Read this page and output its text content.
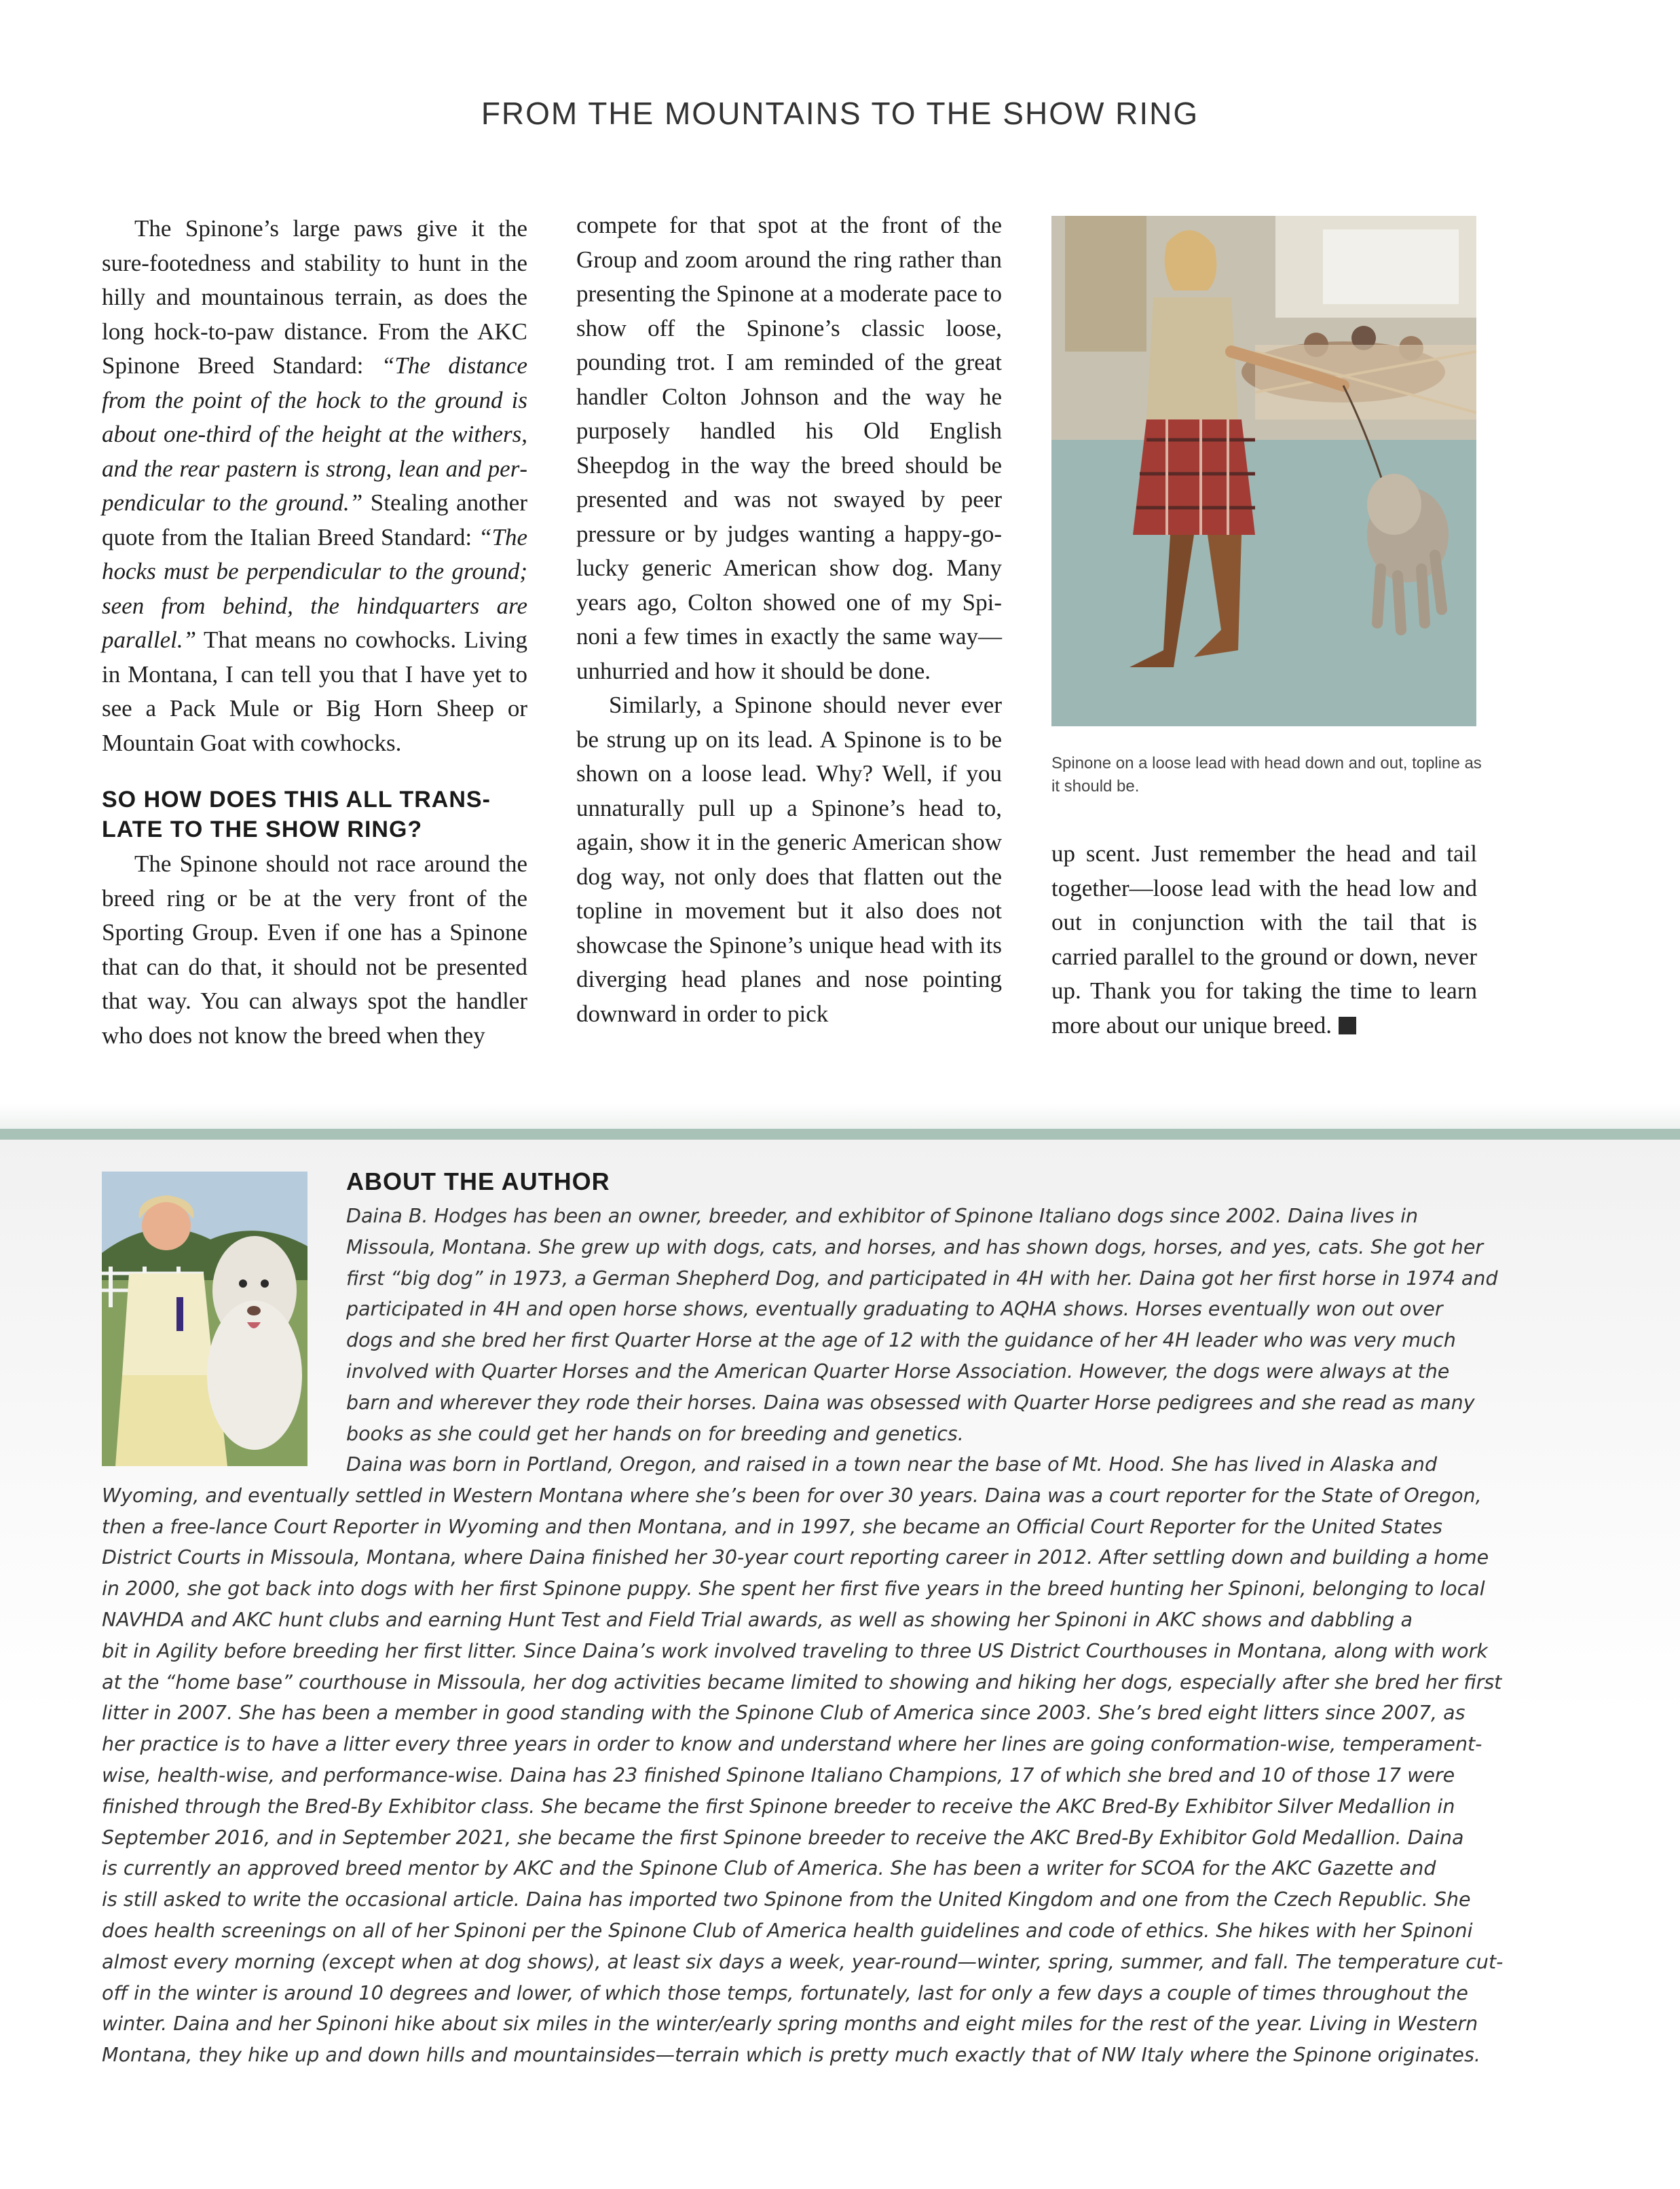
FROM THE MOUNTAINS TO THE SHOW RING

The Spinone’s large paws give it the sure-footedness and stability to hunt in the hilly and mountainous terrain, as does the long hock-to-paw distance. From the AKC Spinone Breed Standard: “The distance from the point of the hock to the ground is about one-third of the height at the withers, and the rear pastern is strong, lean and perpendicular to the ground.” Stealing another quote from the Italian Breed Standard: “The hocks must be perpendicular to the ground; seen from behind, the hindquarters are parallel.” That means no cowhocks. Living in Montana, I can tell you that I have yet to see a Pack Mule or Big Horn Sheep or Mountain Goat with cowhocks.

SO HOW DOES THIS ALL TRANSLATE TO THE SHOW RING?

The Spinone should not race around the breed ring or be at the very front of the Sporting Group. Even if one has a Spinone that can do that, it should not be presented that way. You can always spot the handler who does not know the breed when they

compete for that spot at the front of the Group and zoom around the ring rather than presenting the Spinone at a moderate pace to show off the Spinone’s classic loose, pounding trot. I am reminded of the great handler Colton Johnson and the way he purposely handled his Old English Sheepdog in the way the breed should be presented and was not swayed by peer pressure or by judges wanting a happy-go-lucky generic American show dog. Many years ago, Colton showed one of my Spinoni a few times in exactly the same way—unhurried and how it should be done.

Similarly, a Spinone should never ever be strung up on its lead. A Spinone is to be shown on a loose lead. Why? Well, if you unnaturally pull up a Spinone’s head to, again, show it in the generic American show dog way, not only does that flatten out the topline in movement but it also does not showcase the Spinone’s unique head with its diverging head planes and nose pointing downward in order to pick

Spinone on a loose lead with head down and out, topline as it should be.

up scent. Just remember the head and tail together—loose lead with the head low and out in conjunction with the tail that is carried parallel to the ground or down, never up. Thank you for taking the time to learn more about our unique breed.

ABOUT THE AUTHOR
Daina B. Hodges has been an owner, breeder, and exhibitor of Spinone Italiano dogs since 2002. Daina lives in
Missoula, Montana. She grew up with dogs, cats, and horses, and has shown dogs, horses, and yes, cats. She got her
first “big dog” in 1973, a German Shepherd Dog, and participated in 4H with her. Daina got her first horse in 1974 and
participated in 4H and open horse shows, eventually graduating to AQHA shows. Horses eventually won out over
dogs and she bred her first Quarter Horse at the age of 12 with the guidance of her 4H leader who was very much
involved with Quarter Horses and the American Quarter Horse Association. However, the dogs were always at the
barn and wherever they rode their horses. Daina was obsessed with Quarter Horse pedigrees and she read as many
books as she could get her hands on for breeding and genetics.
Daina was born in Portland, Oregon, and raised in a town near the base of Mt. Hood. She has lived in Alaska and
Wyoming, and eventually settled in Western Montana where she’s been for over 30 years. Daina was a court reporter for the State of Oregon,
then a free-lance Court Reporter in Wyoming and then Montana, and in 1997, she became an Official Court Reporter for the United States
District Courts in Missoula, Montana, where Daina finished her 30-year court reporting career in 2012. After settling down and building a home
in 2000, she got back into dogs with her first Spinone puppy. She spent her first five years in the breed hunting her Spinoni, belonging to local
NAVHDA and AKC hunt clubs and earning Hunt Test and Field Trial awards, as well as showing her Spinoni in AKC shows and dabbling a
bit in Agility before breeding her first litter. Since Daina’s work involved traveling to three US District Courthouses in Montana, along with work
at the “home base” courthouse in Missoula, her dog activities became limited to showing and hiking her dogs, especially after she bred her first
litter in 2007. She has been a member in good standing with the Spinone Club of America since 2003. She’s bred eight litters since 2007, as
her practice is to have a litter every three years in order to know and understand where her lines are going conformation-wise, temperament-
wise, health-wise, and performance-wise. Daina has 23 finished Spinone Italiano Champions, 17 of which she bred and 10 of those 17 were
finished through the Bred-By Exhibitor class. She became the first Spinone breeder to receive the AKC Bred-By Exhibitor Silver Medallion in
September 2016, and in September 2021, she became the first Spinone breeder to receive the AKC Bred-By Exhibitor Gold Medallion. Daina
is currently an approved breed mentor by AKC and the Spinone Club of America. She has been a writer for SCOA for the AKC Gazette and
is still asked to write the occasional article. Daina has imported two Spinone from the United Kingdom and one from the Czech Republic. She
does health screenings on all of her Spinoni per the Spinone Club of America health guidelines and code of ethics. She hikes with her Spinoni
almost every morning (except when at dog shows), at least six days a week, year-round—winter, spring, summer, and fall. The temperature cut-
off in the winter is around 10 degrees and lower, of which those temps, fortunately, last for only a few days a couple of times throughout the
winter. Daina and her Spinoni hike about six miles in the winter/early spring months and eight miles for the rest of the year. Living in Western
Montana, they hike up and down hills and mountainsides—terrain which is pretty much exactly that of NW Italy where the Spinone originates.
